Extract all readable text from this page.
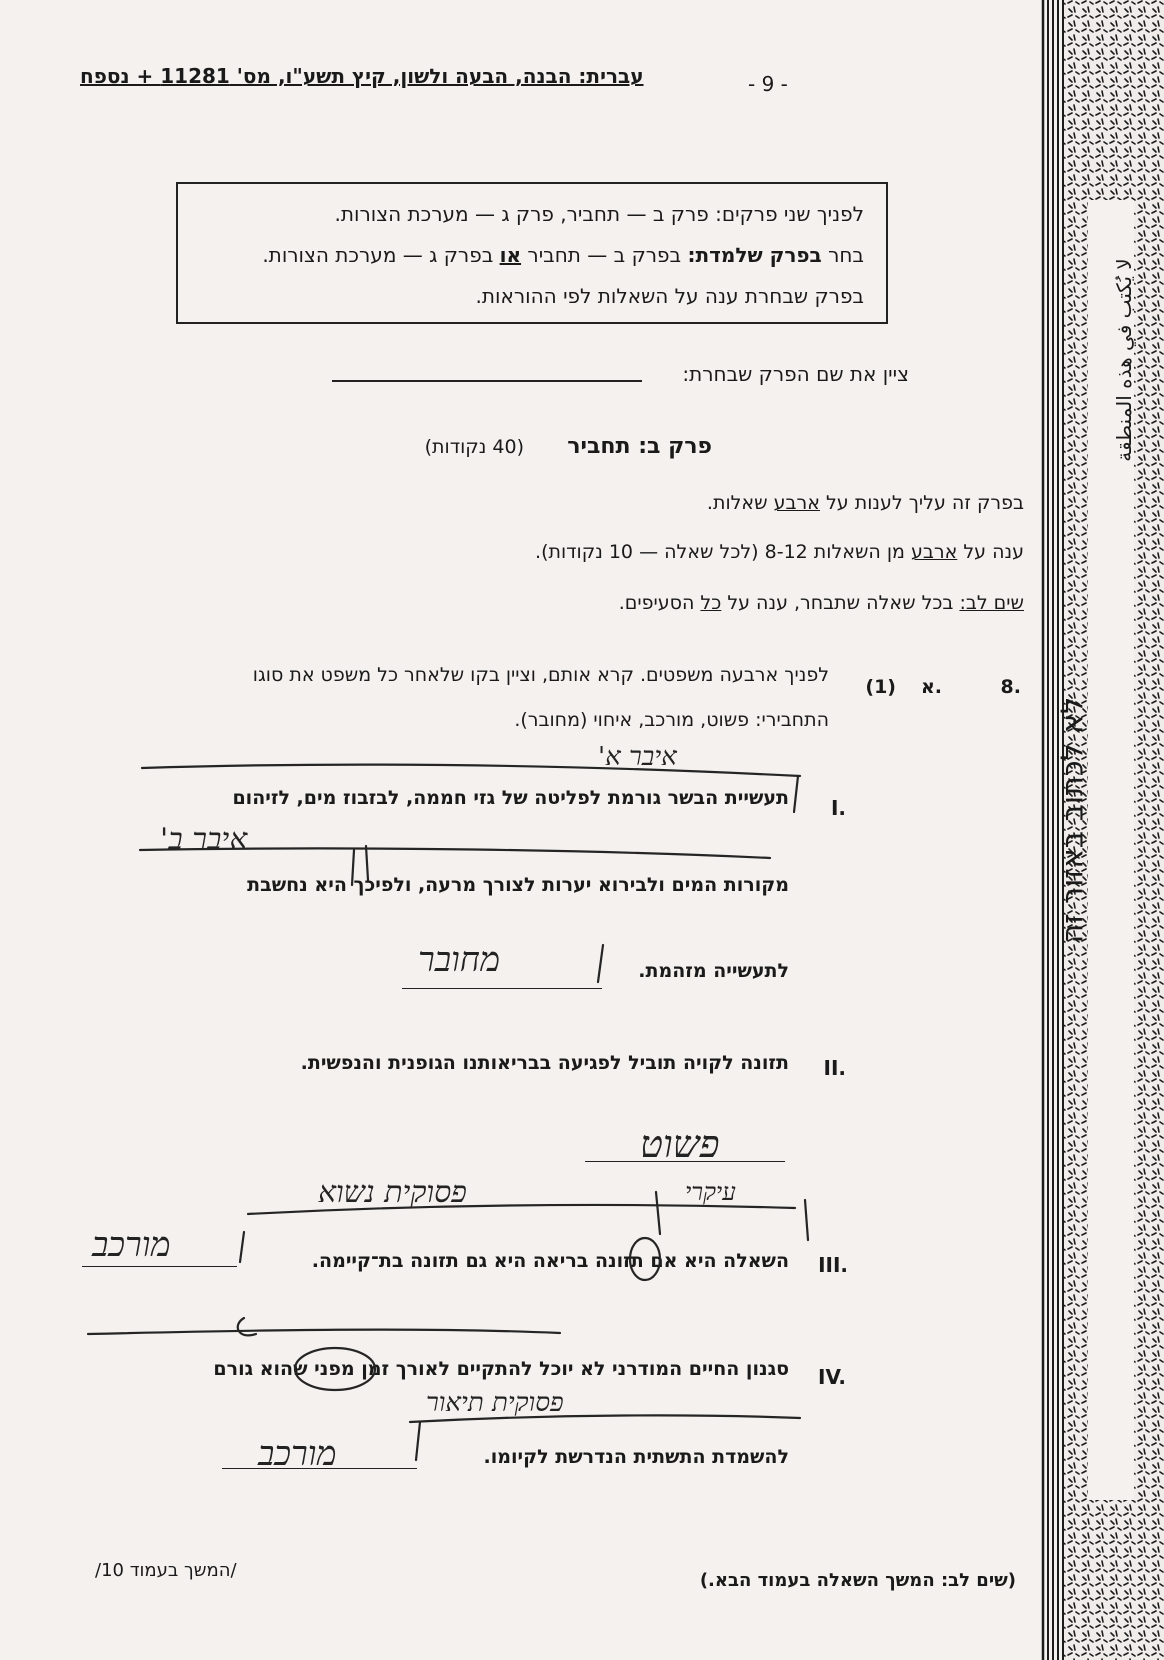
עברית: הבנה, הבעה ולשון, קיץ תשע"ו, מס' 11281 + נספח	- 9 -

לפניך שני פרקים: פרק ב — תחביר, פרק ג — מערכת הצורות.

בחר בפרק שלמדת: בפרק ב — תחביר או בפרק ג — מערכת הצורות.

בפרק שבחרת ענה על השאלות לפי ההוראות.

ציין את שם הפרק שבחרת:
פרק ב: תחביר
(40 נקודות)
בפרק זה עליך לענות על ארבע שאלות.
ענה על ארבע מן השאלות 8-12 (לכל שאלה — 10 נקודות).
שים לב: בכל שאלה שתבחר, ענה על כל הסעיפים.
8.
א.
(1)
לפניך ארבעה משפטים. קרא אותם, וציין בקו שלאחר כל משפט את סוגו
התחבירי: פשוט, מורכב, איחוי (מחובר).
I.
תעשיית הבשר גורמת לפליטה של גזי חממה, לבזבוז מים, לזיהום
מקורות המים ולבירוא יערות לצורך מרעה, ולפיכך היא נחשבת
לתעשייה מזהמת.
II.
תזונה לקויה תוביל לפגיעה בבריאותנו הגופנית והנפשית.
III.
השאלה היא אם תזונה בריאה היא גם תזונה בת־קיימה.
IV.
סגנון החיים המודרני לא יוכל להתקיים לאורך זמן מפני שהוא גורם
להשמדת התשתית הנדרשת לקיומו.
איבר א'
איבר ב'
מחובר
פשוט
עיקרי
פסוקית נשוא
מורכב
פסוקית תיאור
מורכב
(שים לב: המשך השאלה בעמוד הבא.)
/המשך בעמוד 10/
לא לכתוב באזור זה
لا يُكتب في هذه المنطقة
